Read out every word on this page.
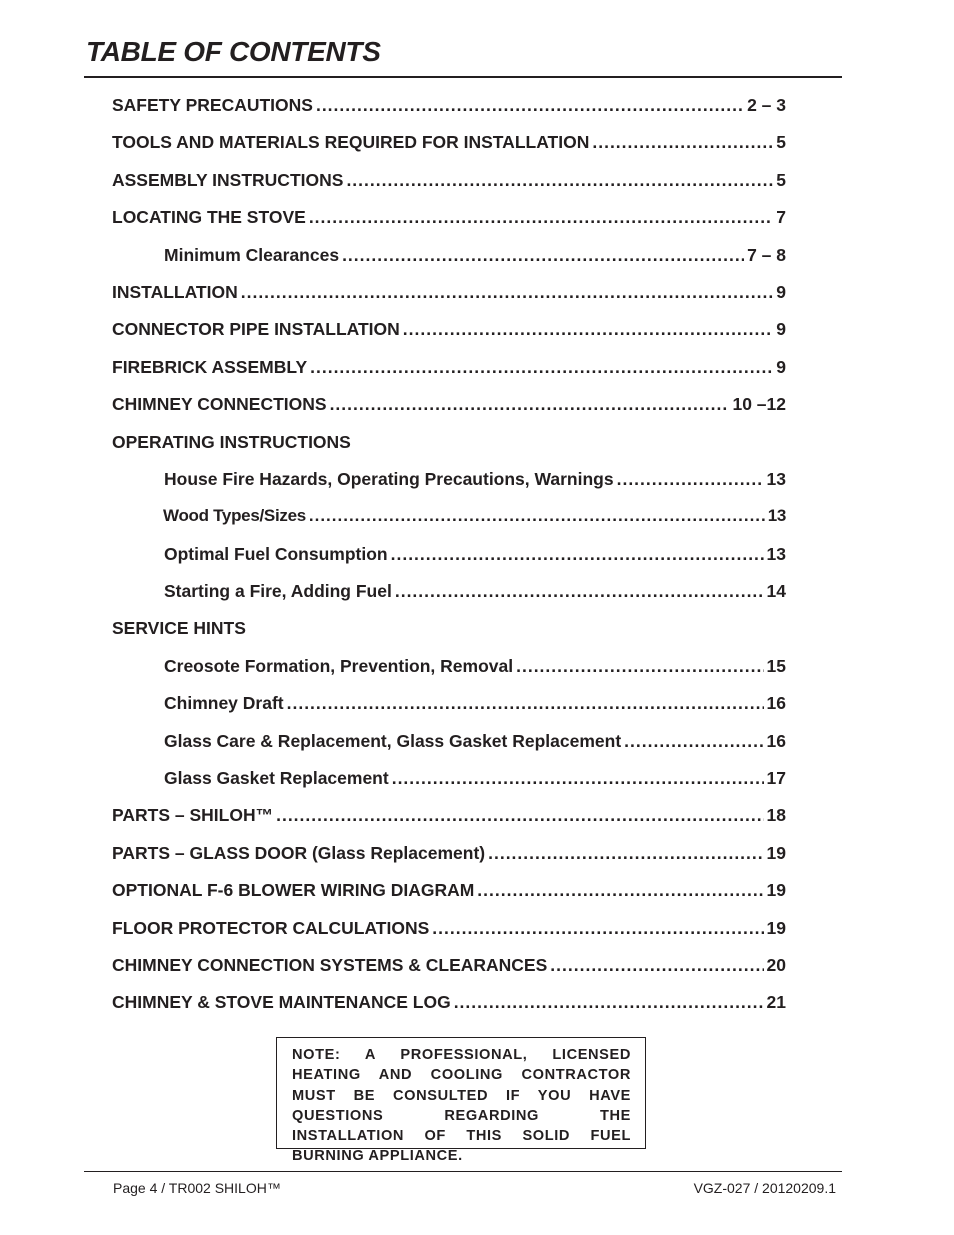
TABLE OF CONTENTS
SAFETY PRECAUTIONS .....	2 – 3
TOOLS AND MATERIALS REQUIRED FOR INSTALLATION .....	5
ASSEMBLY INSTRUCTIONS .....	5
LOCATING THE STOVE .....	7
Minimum Clearances .....	7 – 8
INSTALLATION .....	9
CONNECTOR PIPE INSTALLATION .....	9
FIREBRICK ASSEMBLY .....	9
CHIMNEY CONNECTIONS .....	10 –12
OPERATING INSTRUCTIONS
House Fire Hazards, Operating Precautions, Warnings .....	13
Wood Types/Sizes .....	13
Optimal Fuel Consumption .....	13
Starting a Fire, Adding Fuel .....	14
SERVICE HINTS
Creosote Formation, Prevention, Removal .....	15
Chimney Draft .....	16
Glass Care & Replacement, Glass Gasket Replacement .....	16
Glass Gasket Replacement .....	17
PARTS – SHILOH™ .....	18
PARTS – GLASS DOOR (Glass Replacement) .....	19
OPTIONAL F-6 BLOWER WIRING DIAGRAM .....	19
FLOOR PROTECTOR CALCULATIONS .....	19
CHIMNEY CONNECTION SYSTEMS & CLEARANCES .....	20
CHIMNEY & STOVE MAINTENANCE LOG .....	21

NOTE: A PROFESSIONAL, LICENSED HEATING AND COOLING CONTRACTOR MUST BE CONSULTED IF YOU HAVE QUESTIONS REGARDING THE INSTALLATION OF THIS SOLID FUEL BURNING APPLIANCE.

Page 4 / TR002 SHILOH™	VGZ-027 / 20120209.1
